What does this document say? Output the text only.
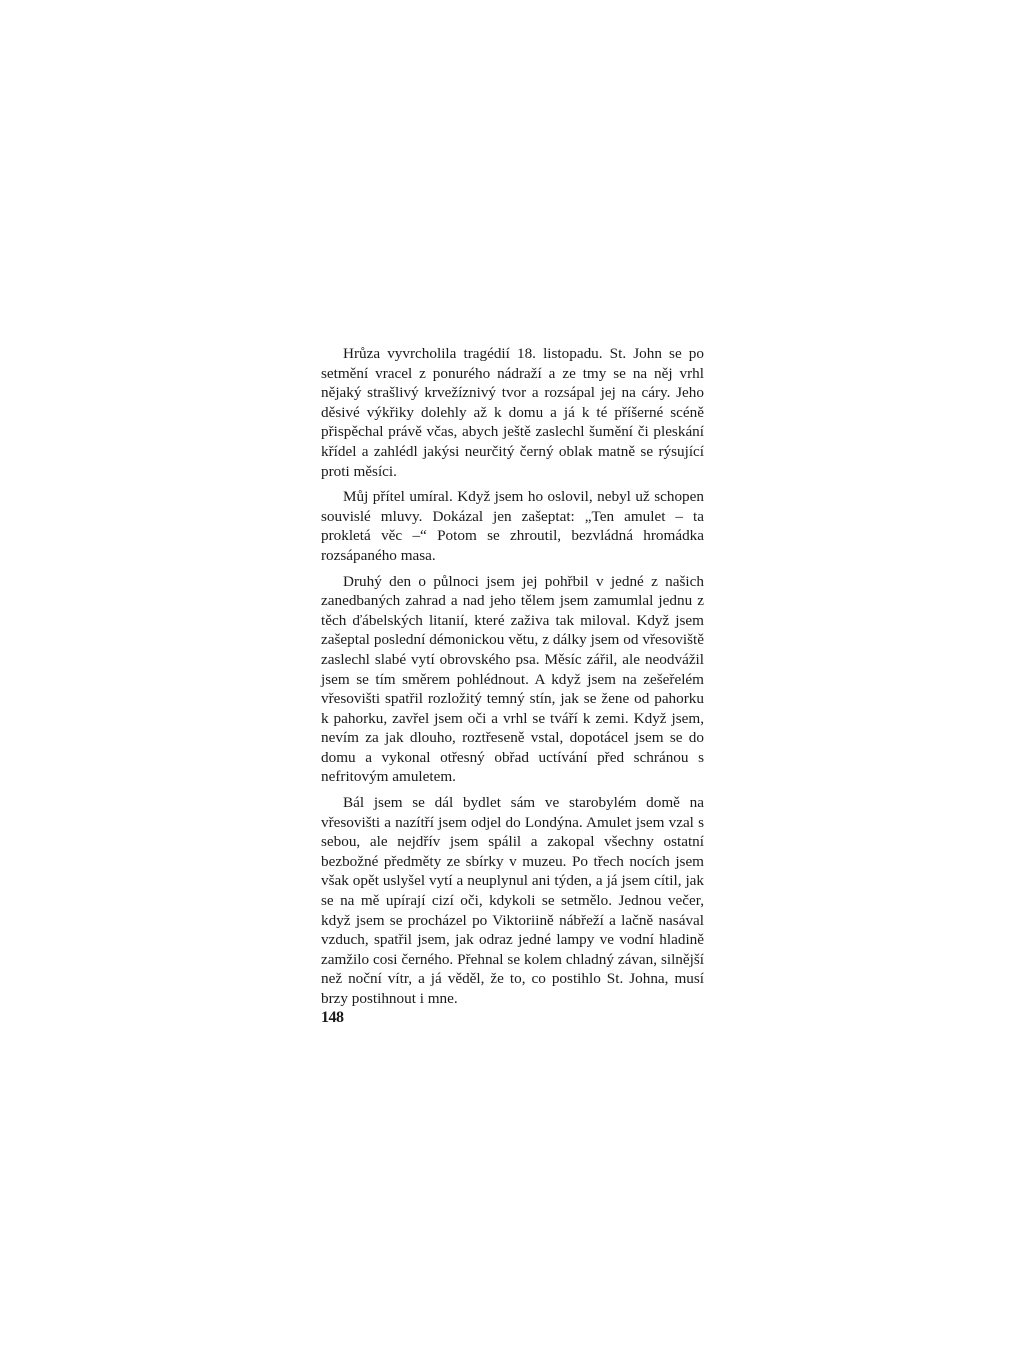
Hrůza vyvrcholila tragédií 18. listopadu. St. John se po setmění vracel z ponurého nádraží a ze tmy se na něj vrhl nějaký strašlivý krvežíznivý tvor a rozsápal jej na cáry. Jeho děsivé výkřiky dolehly až k domu a já k té příšerné scéně přispěchal právě včas, abych ještě zaslechl šumění či pleskání křídel a zahlédl jakýsi neurčitý černý oblak matně se rýsující proti měsíci.

Můj přítel umíral. Když jsem ho oslovil, nebyl už schopen souvislé mluvy. Dokázal jen zašeptat: „Ten amulet – ta prokletá věc –“ Potom se zhroutil, bezvládná hromádka rozsápaného masa.

Druhý den o půlnoci jsem jej pohřbil v jedné z našich zanedbaných zahrad a nad jeho tělem jsem zamumlal jednu z těch ďábelských litanií, které zaživa tak miloval. Když jsem zašeptal poslední démonickou větu, z dálky jsem od vřesoviště zaslechl slabé vytí obrovského psa. Měsíc zářil, ale neodvážil jsem se tím směrem pohlédnout. A když jsem na zešeřelém vřesovišti spatřil rozložitý temný stín, jak se žene od pahorku k pahorku, zavřel jsem oči a vrhl se tváří k zemi. Když jsem, nevím za jak dlouho, roztřeseně vstal, dopotácel jsem se do domu a vykonal otřesný obřad uctívání před schránou s nefritovým amuletem.

Bál jsem se dál bydlet sám ve starobylém domě na vřesovišti a nazítří jsem odjel do Londýna. Amulet jsem vzal s sebou, ale nejdřív jsem spálil a zakopal všechny ostatní bezbožné předměty ze sbírky v muzeu. Po třech nocích jsem však opět uslyšel vytí a neuplynul ani týden, a já jsem cítil, jak se na mě upírají cizí oči, kdykoli se setmělo. Jednou večer, když jsem se procházel po Viktoriině nábřeží a lačně nasával vzduch, spatřil jsem, jak odraz jedné lampy ve vodní hladině zamžilo cosi černého. Přehnal se kolem chladný závan, silnější než noční vítr, a já věděl, že to, co postihlo St. Johna, musí brzy postihnout i mne.

148
